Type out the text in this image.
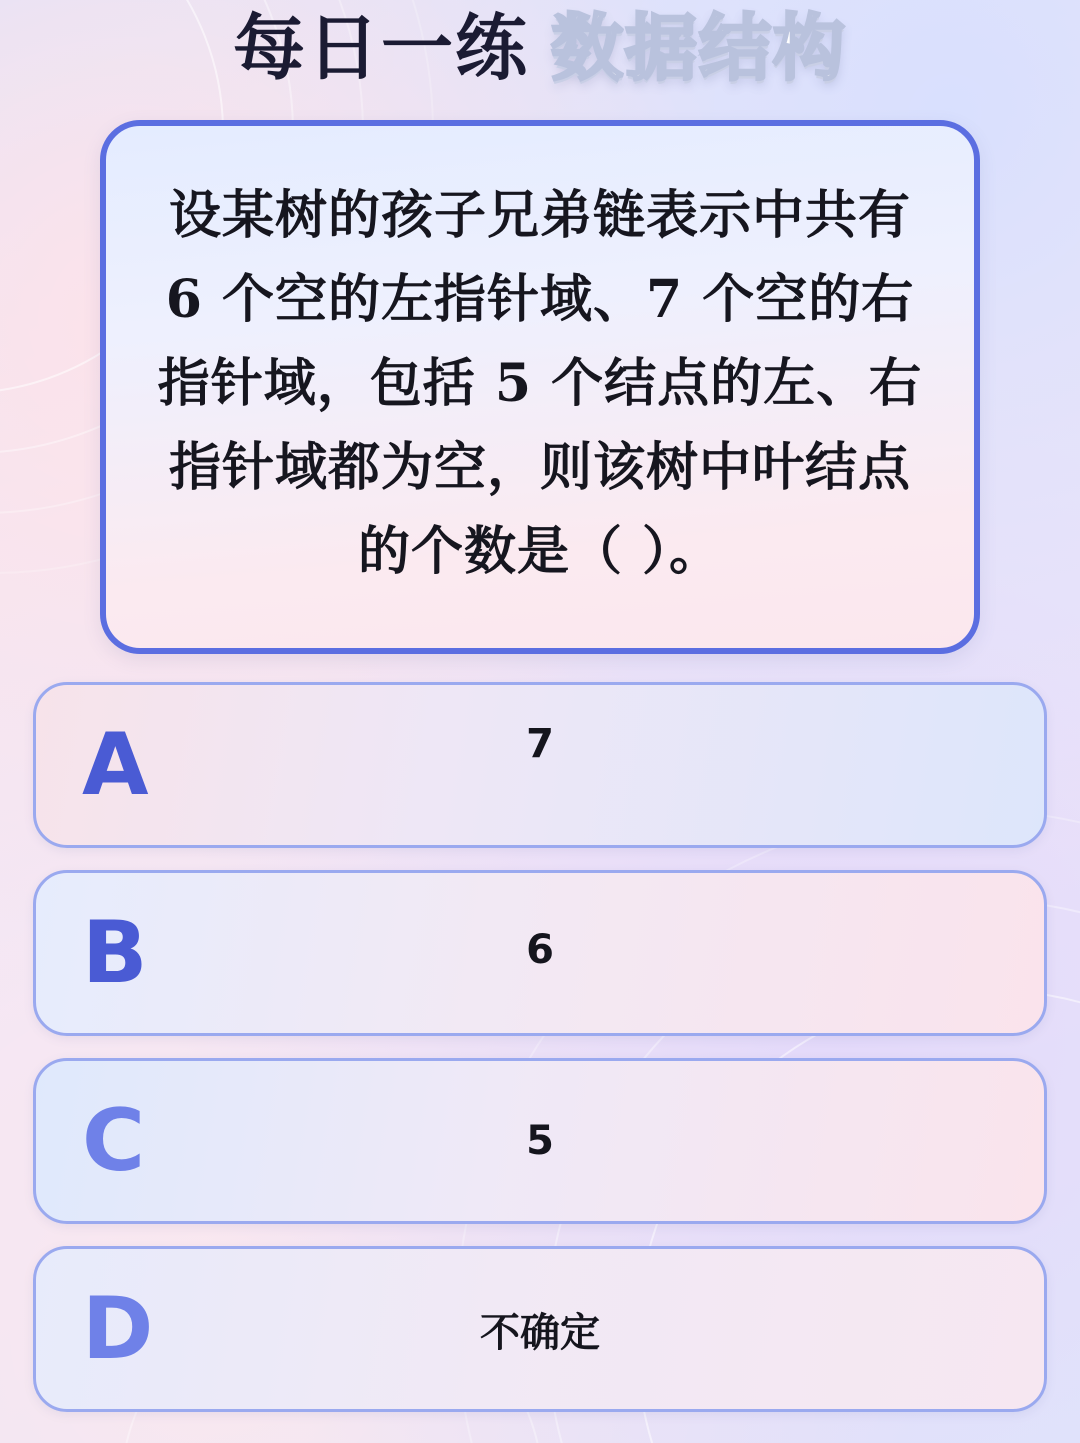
每日一练 数据结构
设某树的孩子兄弟链表示中共有 6 个空的左指针域、7 个空的右指针域，包括 5 个结点的左、右指针域都为空，则该树中叶结点的个数是（ ）。
A	7
B	6
C	5
D	不确定
